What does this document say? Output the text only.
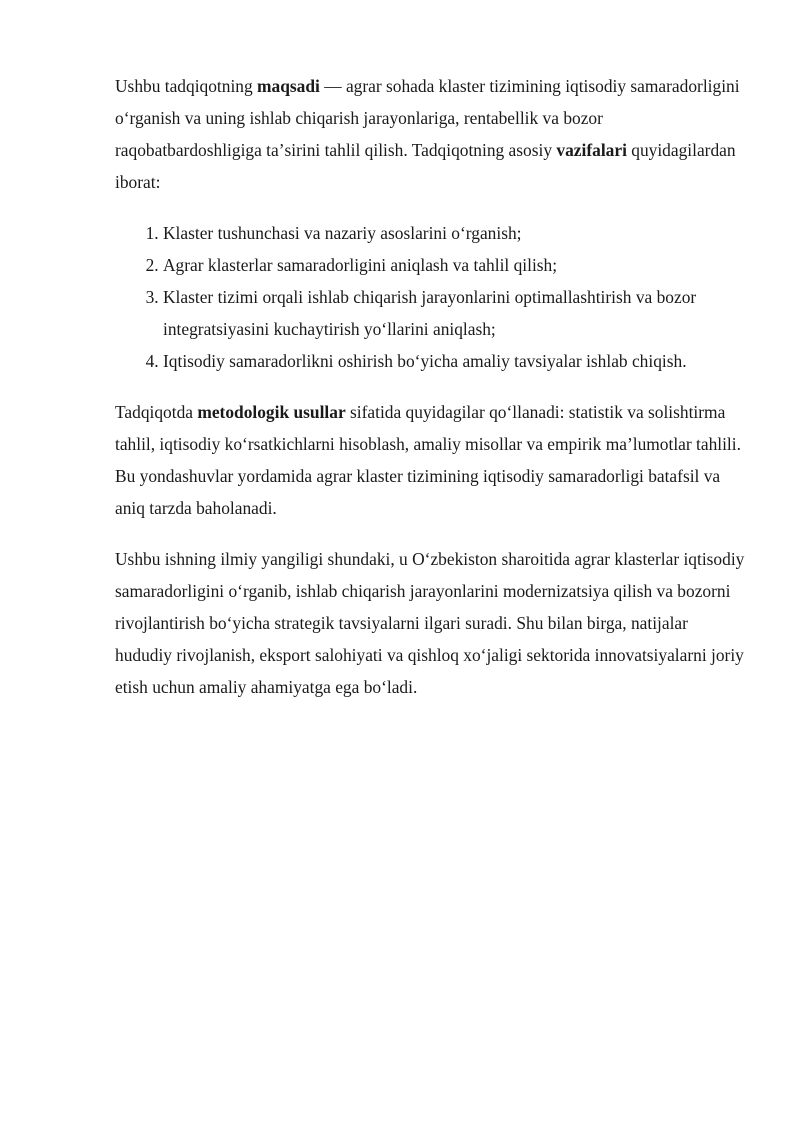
Ushbu tadqiqotning maqsadi — agrar sohada klaster tizimining iqtisodiy samaradorligini oʻrganish va uning ishlab chiqarish jarayonlariga, rentabellik va bozor raqobatbardoshligiga taʼsirini tahlil qilish. Tadqiqotning asosiy vazifalari quyidagilardan iborat:

1. Klaster tushunchasi va nazariy asoslarini oʻrganish;
2. Agrar klasterlar samaradorligini aniqlash va tahlil qilish;
3. Klaster tizimi orqali ishlab chiqarish jarayonlarini optimallashtirish va bozor integratsiyasini kuchaytirish yoʻllarini aniqlash;
4. Iqtisodiy samaradorlikni oshirish boʻyicha amaliy tavsiyalar ishlab chiqish.

Tadqiqotda metodologik usullar sifatida quyidagilar qoʻllanadi: statistik va solishtirma tahlil, iqtisodiy koʻrsatkichlarni hisoblash, amaliy misollar va empirik maʼlumotlar tahlili. Bu yondashuvlar yordamida agrar klaster tizimining iqtisodiy samaradorligi batafsil va aniq tarzda baholanadi.

Ushbu ishning ilmiy yangiligi shundaki, u Oʻzbekiston sharoitida agrar klasterlar iqtisodiy samaradorligini oʻrganib, ishlab chiqarish jarayonlarini modernizatsiya qilish va bozorni rivojlantirish boʻyicha strategik tavsiyalarni ilgari suradi. Shu bilan birga, natijalar hududiy rivojlanish, eksport salohiyati va qishloq xoʻjaligi sektorida innovatsiyalarni joriy etish uchun amaliy ahamiyatga ega boʻladi.
